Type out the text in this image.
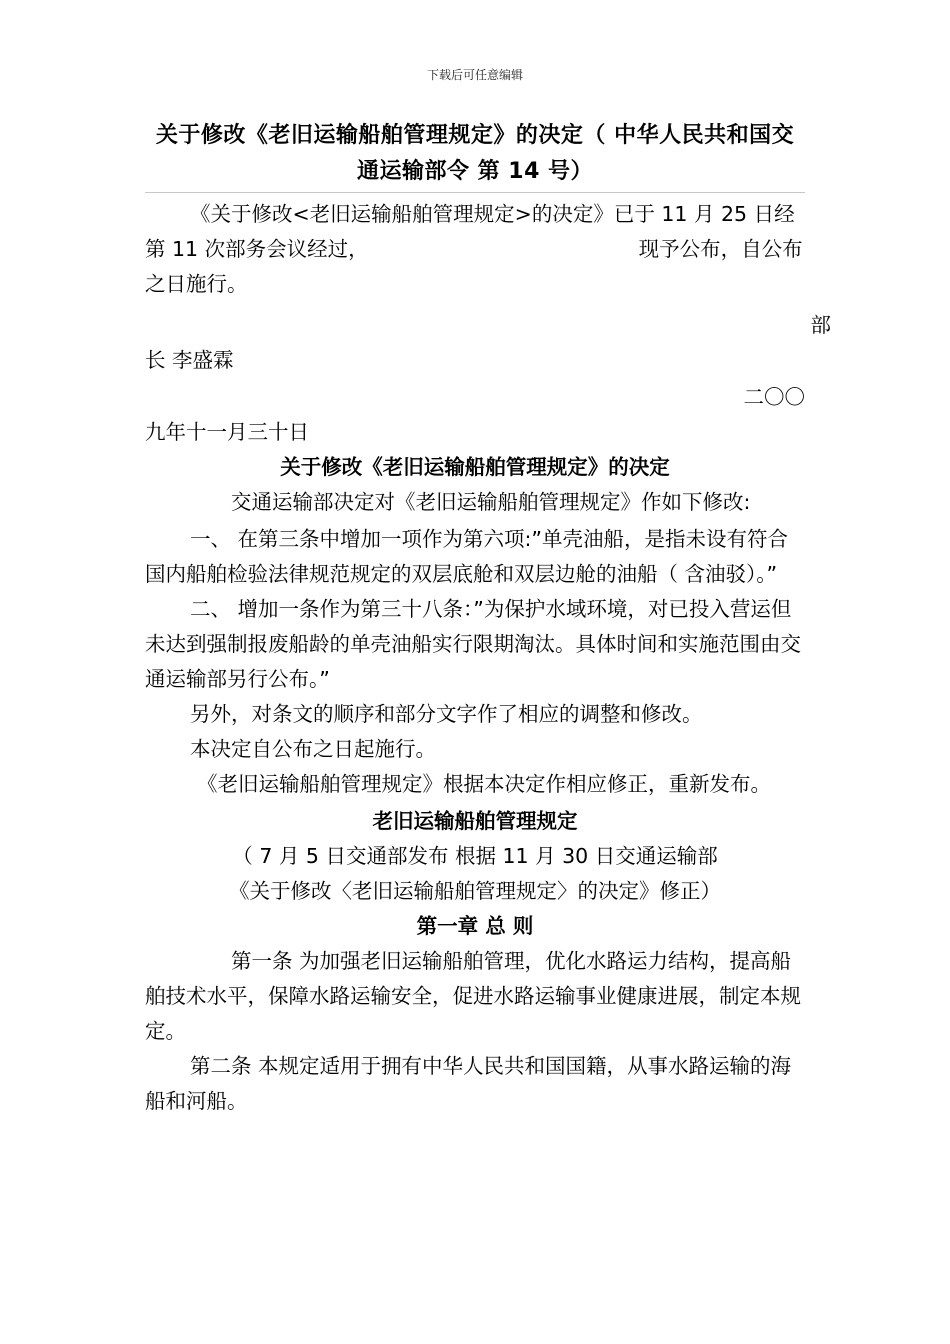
下载后可任意编辑
关于修改《老旧运输船舶管理规定》的决定（ 中华人民共和国交
通运输部令 第 14 号）

《关于修改<老旧运输船舶管理规定>的决定》已于 11 月 25 日经第 11 次部务会议经过，	现予公布，自公布之日施行。

部

长 李盛霖

二〇〇

九年十一月三十日

关于修改《老旧运输船舶管理规定》的决定

交通运输部决定对《老旧运输船舶管理规定》作如下修改:

一、 在第三条中增加一项作为第六项:”单壳油船，是指未设有符合国内船舶检验法律规范规定的双层底舱和双层边舱的油船（ 含油驳）。”

二、 增加一条作为第三十八条：”为保护水域环境，对已投入营运但未达到强制报废船龄的单壳油船实行限期淘汰。具体时间和实施范围由交通运输部另行公布。”

另外，对条文的顺序和部分文字作了相应的调整和修改。

本决定自公布之日起施行。

《老旧运输船舶管理规定》根据本决定作相应修正，重新发布。

老旧运输船舶管理规定

（ 7 月 5 日交通部发布 根据 11 月 30 日交通运输部

《关于修改〈老旧运输船舶管理规定〉的决定》修正）

第一章 总 则

第一条 为加强老旧运输船舶管理，优化水路运力结构，提高船舶技术水平，保障水路运输安全，促进水路运输事业健康进展，制定本规定。

第二条 本规定适用于拥有中华人民共和国国籍，从事水路运输的海船和河船。
